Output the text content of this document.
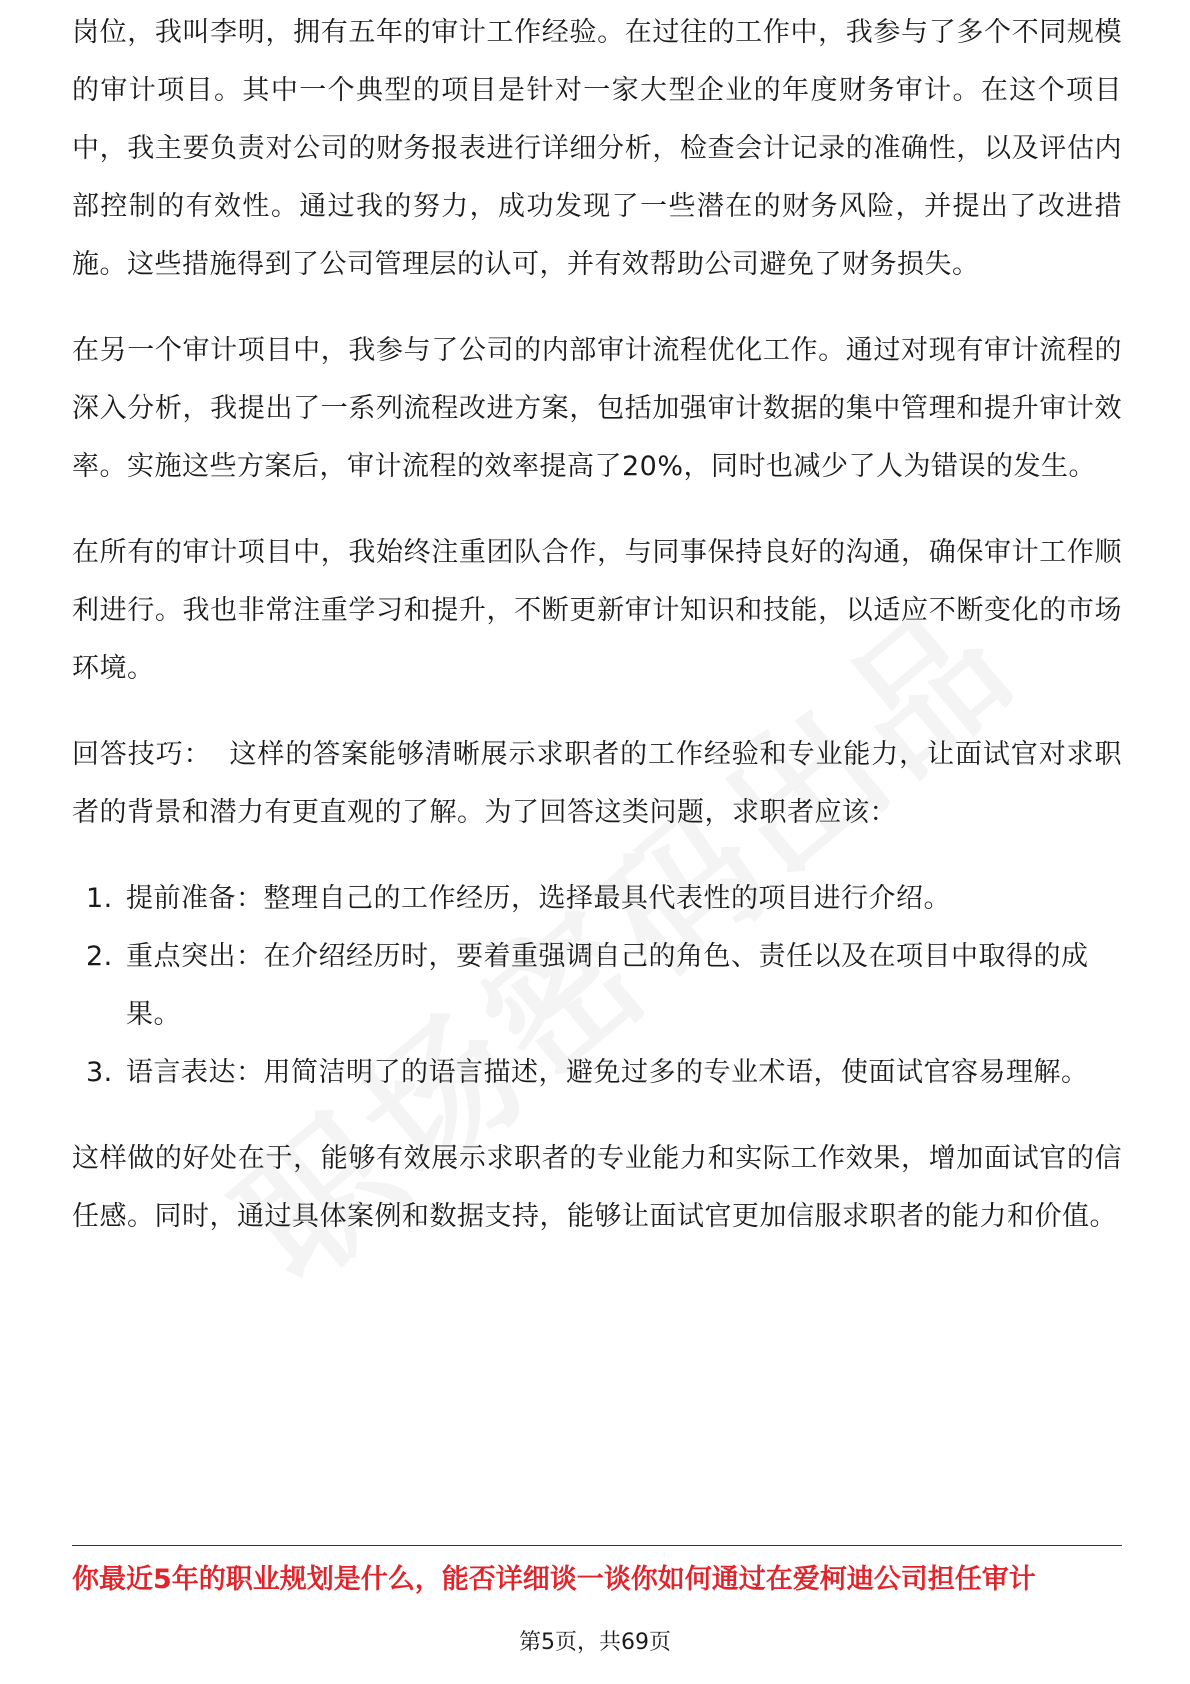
岗位，我叫李明，拥有五年的审计工作经验。在过往的工作中，我参与了多个不同规模的审计项目。其中一个典型的项目是针对一家大型企业的年度财务审计。在这个项目中，我主要负责对公司的财务报表进行详细分析，检查会计记录的准确性，以及评估内部控制的有效性。通过我的努力，成功发现了一些潜在的财务风险，并提出了改进措施。这些措施得到了公司管理层的认可，并有效帮助公司避免了财务损失。

在另一个审计项目中，我参与了公司的内部审计流程优化工作。通过对现有审计流程的深入分析，我提出了一系列流程改进方案，包括加强审计数据的集中管理和提升审计效率。实施这些方案后，审计流程的效率提高了20%，同时也减少了人为错误的发生。

在所有的审计项目中，我始终注重团队合作，与同事保持良好的沟通，确保审计工作顺利进行。我也非常注重学习和提升，不断更新审计知识和技能，以适应不断变化的市场环境。

回答技巧： 这样的答案能够清晰展示求职者的工作经验和专业能力，让面试官对求职者的背景和潜力有更直观的了解。为了回答这类问题，求职者应该：

1. 提前准备：整理自己的工作经历，选择最具代表性的项目进行介绍。
2. 重点突出：在介绍经历时，要着重强调自己的角色、责任以及在项目中取得的成果。
3. 语言表达：用简洁明了的语言描述，避免过多的专业术语，使面试官容易理解。

这样做的好处在于，能够有效展示求职者的专业能力和实际工作效果，增加面试官的信任感。同时，通过具体案例和数据支持，能够让面试官更加信服求职者的能力和价值。

你最近5年的职业规划是什么，能否详细谈一谈你如何通过在爱柯迪公司担任审计
第5页，共69页
